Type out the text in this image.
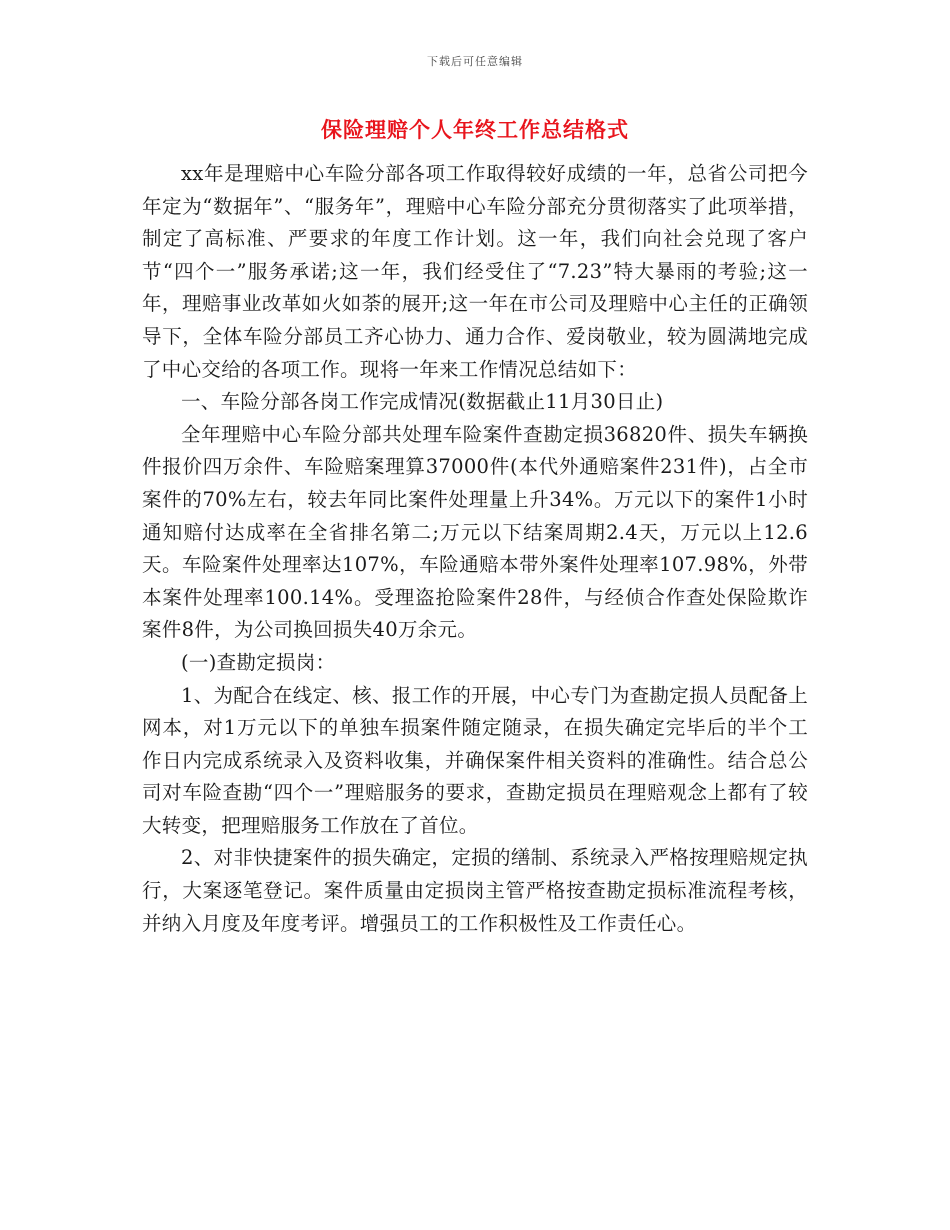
下载后可任意编辑
保险理赔个人年终工作总结格式

xx年是理赔中心车险分部各项工作取得较好成绩的一年，总省公司把今年定为“数据年”、“服务年”，理赔中心车险分部充分贯彻落实了此项举措，制定了高标准、严要求的年度工作计划。这一年，我们向社会兑现了客户节“四个一”服务承诺;这一年，我们经受住了“7.23”特大暴雨的考验;这一年，理赔事业改革如火如荼的展开;这一年在市公司及理赔中心主任的正确领导下，全体车险分部员工齐心协力、通力合作、爱岗敬业，较为圆满地完成了中心交给的各项工作。现将一年来工作情况总结如下：

一、车险分部各岗工作完成情况(数据截止11月30日止)

全年理赔中心车险分部共处理车险案件查勘定损36820件、损失车辆换件报价四万余件、车险赔案理算37000件(本代外通赔案件231件)，占全市案件的70%左右，较去年同比案件处理量上升34%。万元以下的案件1小时通知赔付达成率在全省排名第二;万元以下结案周期2.4天，万元以上12.6天。车险案件处理率达107%，车险通赔本带外案件处理率107.98%，外带本案件处理率100.14%。受理盗抢险案件28件，与经侦合作查处保险欺诈案件8件，为公司换回损失40万余元。

(一)查勘定损岗：

1、为配合在线定、核、报工作的开展，中心专门为查勘定损人员配备上网本，对1万元以下的单独车损案件随定随录，在损失确定完毕后的半个工作日内完成系统录入及资料收集，并确保案件相关资料的准确性。结合总公司对车险查勘“四个一”理赔服务的要求，查勘定损员在理赔观念上都有了较大转变，把理赔服务工作放在了首位。

2、对非快捷案件的损失确定，定损的缮制、系统录入严格按理赔规定执行，大案逐笔登记。案件质量由定损岗主管严格按查勘定损标准流程考核，并纳入月度及年度考评。增强员工的工作积极性及工作责任心。
